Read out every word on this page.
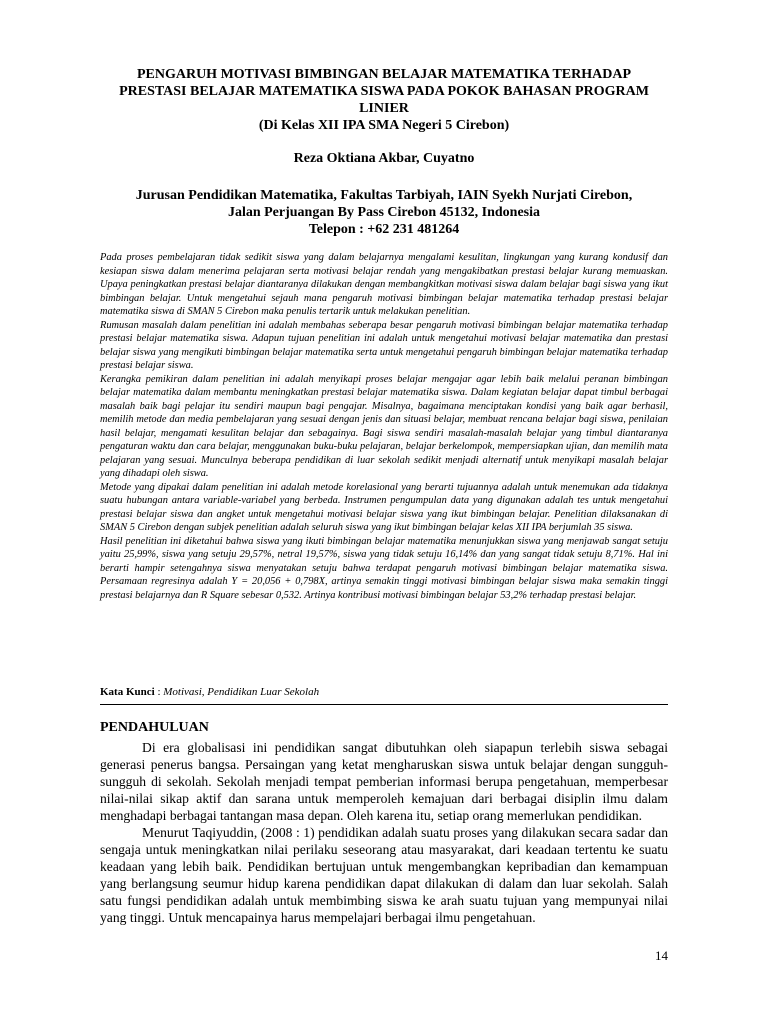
PENGARUH MOTIVASI BIMBINGAN BELAJAR MATEMATIKA TERHADAP
PRESTASI BELAJAR MATEMATIKA SISWA PADA POKOK BAHASAN PROGRAM
LINIER
(Di Kelas XII IPA SMA Negeri 5 Cirebon)
Reza Oktiana Akbar, Cuyatno
Jurusan Pendidikan Matematika, Fakultas Tarbiyah, IAIN Syekh Nurjati Cirebon,
Jalan Perjuangan By Pass Cirebon 45132, Indonesia
Telepon : +62 231 481264

Pada proses pembelajaran tidak sedikit siswa yang dalam belajarnya mengalami kesulitan, lingkungan yang kurang kondusif dan kesiapan siswa dalam menerima pelajaran serta motivasi belajar rendah yang mengakibatkan prestasi belajar kurang memuaskan. Upaya peningkatkan prestasi belajar diantaranya dilakukan dengan membangkitkan motivasi siswa dalam belajar bagi siswa yang ikut bimbingan belajar. Untuk mengetahui sejauh mana pengaruh motivasi bimbingan belajar matematika terhadap prestasi belajar matematika siswa di SMAN 5 Cirebon maka penulis tertarik untuk melakukan penelitian.

Rumusan masalah dalam penelitian ini adalah membahas seberapa besar pengaruh motivasi bimbingan belajar matematika terhadap prestasi belajar matematika siswa. Adapun tujuan penelitian ini adalah untuk mengetahui motivasi belajar matematika dan prestasi belajar siswa yang mengikuti bimbingan belajar matematika serta untuk mengetahui pengaruh bimbingan belajar matematika terhadap prestasi belajar siswa.

Kerangka pemikiran dalam penelitian ini adalah menyikapi proses belajar mengajar agar lebih baik melalui peranan bimbingan belajar matematika dalam membantu meningkatkan prestasi belajar matematika siswa. Dalam kegiatan belajar dapat timbul berbagai masalah baik bagi pelajar itu sendiri maupun bagi pengajar. Misalnya, bagaimana menciptakan kondisi yang baik agar berhasil, memilih metode dan media pembelajaran yang sesuai dengan jenis dan situasi belajar, membuat rencana belajar bagi siswa, penilaian hasil belajar, mengamati kesulitan belajar dan sebagainya. Bagi siswa sendiri masalah-masalah belajar yang timbul diantaranya pengaturan waktu dan cara belajar, menggunakan buku-buku pelajaran, belajar berkelompok, mempersiapkan ujian, dan memilih mata pelajaran yang sesuai. Munculnya beberapa pendidikan di luar sekolah sedikit menjadi alternatif untuk menyikapi masalah belajar yang dihadapi oleh siswa.

Metode yang dipakai dalam penelitian ini adalah metode korelasional yang berarti tujuannya adalah untuk menemukan ada tidaknya suatu hubungan antara variable-variabel yang berbeda. Instrumen pengumpulan data yang digunakan adalah tes untuk mengetahui prestasi belajar siswa dan angket untuk mengetahui motivasi belajar siswa yang ikut bimbingan belajar. Penelitian dilaksanakan di SMAN 5 Cirebon dengan subjek penelitian adalah seluruh siswa yang ikut bimbingan belajar kelas XII IPA berjumlah 35 siswa.

Hasil penelitian ini diketahui bahwa siswa yang ikuti bimbingan belajar matematika menunjukkan siswa yang menjawab sangat setuju yaitu 25,99%, siswa yang setuju 29,57%, netral 19,57%, siswa yang tidak setuju 16,14% dan yang sangat tidak setuju 8,71%. Hal ini berarti hampir setengahnya siswa menyatakan setuju bahwa terdapat pengaruh motivasi bimbingan belajar matematika siswa. Persamaan regresinya adalah Y = 20,056 + 0,798X, artinya semakin tinggi motivasi bimbingan belajar siswa maka semakin tinggi prestasi belajarnya dan R Square sebesar 0,532. Artinya kontribusi motivasi bimbingan belajar 53,2% terhadap prestasi belajar.

Kata Kunci : Motivasi, Pendidikan Luar Sekolah
PENDAHULUAN

Di era globalisasi ini pendidikan sangat dibutuhkan oleh siapapun terlebih siswa sebagai generasi penerus bangsa. Persaingan yang ketat mengharuskan siswa untuk belajar dengan sungguh-sungguh di sekolah. Sekolah menjadi tempat pemberian informasi berupa pengetahuan, memperbesar nilai-nilai sikap aktif dan sarana untuk memperoleh kemajuan dari berbagai disiplin ilmu dalam menghadapi berbagai tantangan masa depan. Oleh karena itu, setiap orang memerlukan pendidikan.

Menurut Taqiyuddin, (2008 : 1) pendidikan adalah suatu proses yang dilakukan secara sadar dan sengaja untuk meningkatkan nilai perilaku seseorang atau masyarakat, dari keadaan tertentu ke suatu keadaan yang lebih baik. Pendidikan bertujuan untuk mengembangkan kepribadian dan kemampuan yang berlangsung seumur hidup karena pendidikan dapat dilakukan di dalam dan luar sekolah. Salah satu fungsi pendidikan adalah untuk membimbing siswa ke arah suatu tujuan yang mempunyai nilai yang tinggi. Untuk mencapainya harus mempelajari berbagai ilmu pengetahuan.

14
